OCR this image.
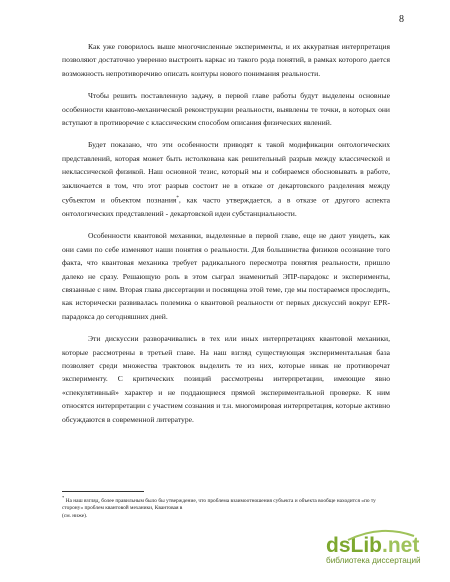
8

Как уже говорилось выше многочисленные эксперименты, и их аккуратная интерпретация позволяют достаточно уверенно выстроить каркас из такого рода понятий, в рамках которого дается возможность непротиворечиво описать контуры нового понимания реальности.

Чтобы решить поставленную задачу, в первой главе работы будут выделены основные особенности квантово-механической реконструкции реальности, выявлены те точки, в которых они вступают в противоречие с классическим способом описания физических явлений.

Будет показано, что эти особенности приводят к такой модификации онтологических представлений, которая может быть истолкована как решительный разрыв между классической и неклассической физикой. Наш основной тезис, который мы и собираемся обосновывать в работе, заключается в том, что этот разрыв состоит не в отказе от декартовского разделения между субъектом и объектом познания*, как часто утверждается, а в отказе от другого аспекта онтологических представлений - декартовской идеи субстанциальности.

Особенности квантовой механики, выделенные в первой главе, еще не дают увидеть, как они сами по себе изменяют наши понятия о реальности. Для большинства физиков осознание того факта, что квантовая механика требует радикального пересмотра понятия реальности, пришло далеко не сразу. Решающую роль в этом сыграл знаменитый ЭПР-парадокс и эксперименты, связанные с ним. Вторая глава диссертации и посвящена этой теме, где мы постараемся проследить, как исторически развивалась полемика о квантовой реальности от первых дискуссий вокруг EPR-парадокса до сегодняшних дней.

Эти дискуссии разворачивались в тех или иных интерпретациях квантовой механики, которые рассмотрены в третьей главе. На наш взгляд существующая экспериментальная база позволяет среди множества трактовок выделить те из них, которые никак не противоречат эксперименту. С критических позиций рассмотрены интерпретации, имеющие явно «спекулятивный» характер и не поддающиеся прямой экспериментальной проверке. К ним относятся интерпретации с участием сознания и т.н. многомировая интерпретация, которые активно обсуждаются в современной литературе.

* На наш взгляд, более правильным было бы утверждение, что проблема взаимоотношения субъекта и объекта вообще находится «по ту сторону» проблем квантовой механики, Квантовая в
(см. ниже).
ds Lib .net
библиотека диссертаций
